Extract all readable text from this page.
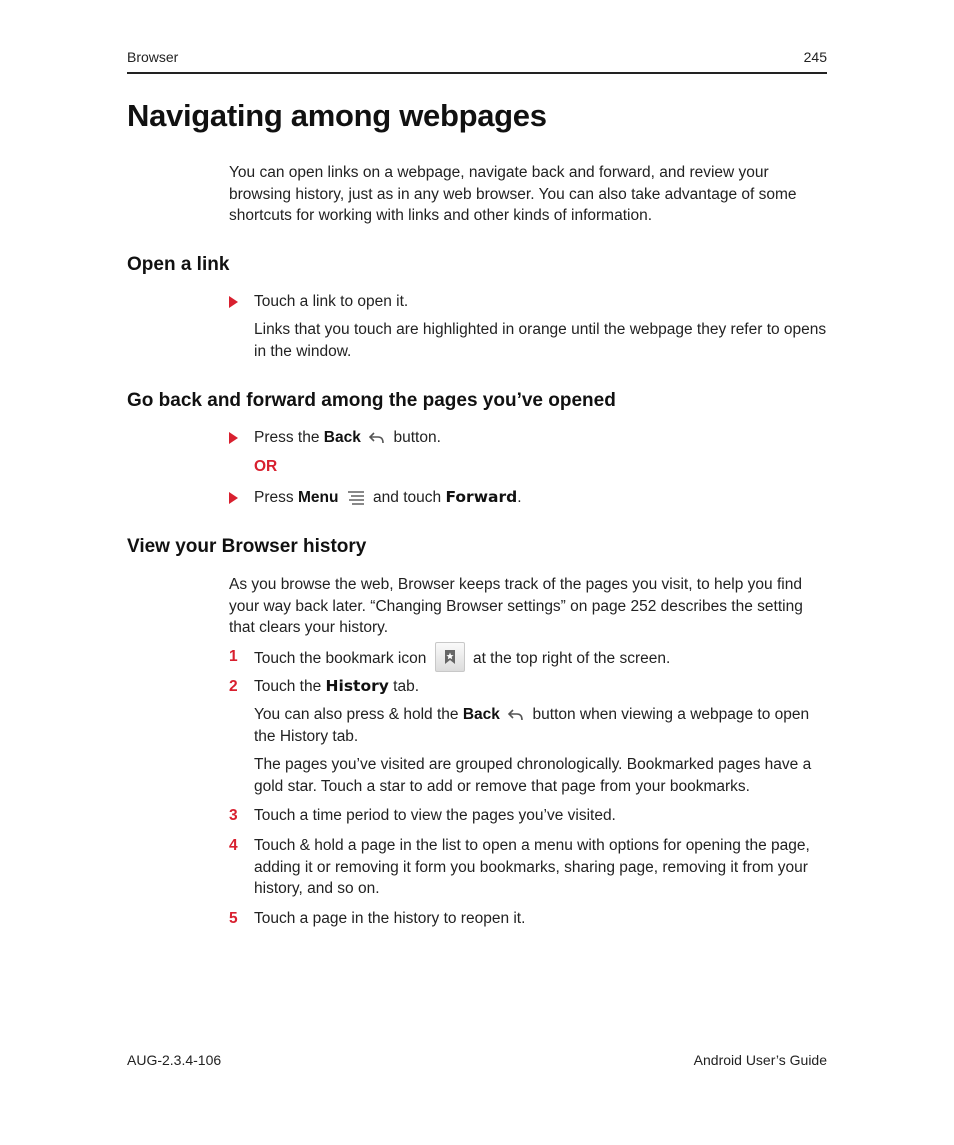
Browser	245
Navigating among webpages

You can open links on a webpage, navigate back and forward, and review your browsing history, just as in any web browser. You can also take advantage of some shortcuts for working with links and other kinds of information.

Open a link
Touch a link to open it.

Links that you touch are highlighted in orange until the webpage they refer to opens in the window.

Go back and forward among the pages you’ve opened
Press the Back button.
OR
Press Menu and touch Forward.
View your Browser history

As you browse the web, Browser keeps track of the pages you visit, to help you find your way back later. “Changing Browser settings” on page 252 describes the setting that clears your history.

1	Touch the bookmark icon	at the top right of the screen.
2	Touch the History tab.

You can also press & hold the Back button when viewing a webpage to open the History tab.

The pages you’ve visited are grouped chronologically. Bookmarked pages have a gold star. Touch a star to add or remove that page from your bookmarks.

3	Touch a time period to view the pages you’ve visited.
4	Touch & hold a page in the list to open a menu with options for opening the page, adding it or removing it form you bookmarks, sharing page, removing it from your history, and so on.
5	Touch a page in the history to reopen it.
AUG-2.3.4-106	Android User’s Guide
